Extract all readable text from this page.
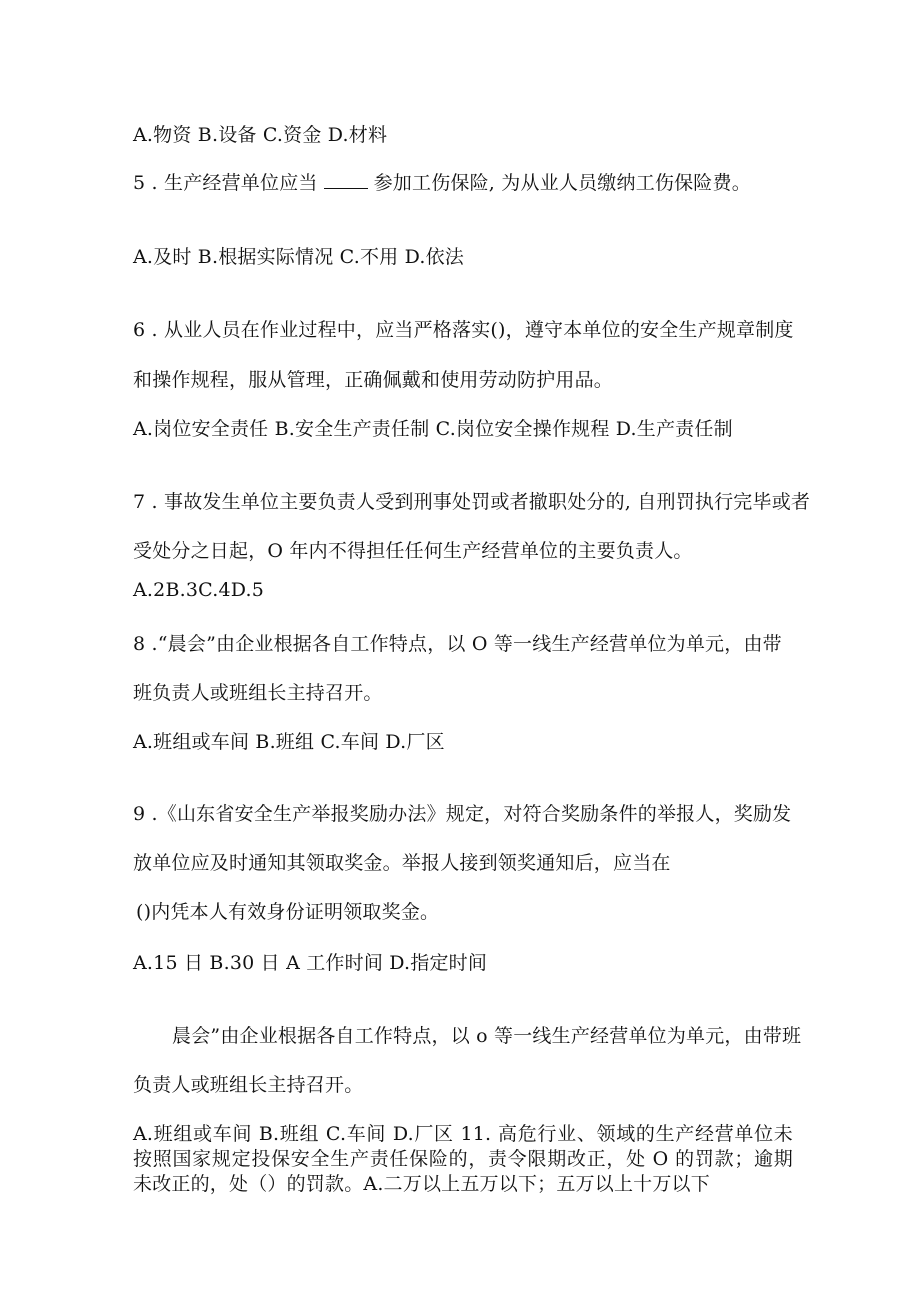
A.物资 B.设备 C.资金 D.材料
5 . 生产经营单位应当	参加工伤保险, 为从业人员缴纳工伤保险费。
A.及时 B.根据实际情况 C.不用 D.依法
6 . 从业人员在作业过程中，应当严格落实()，遵守本单位的安全生产规章制度
和操作规程，服从管理，正确佩戴和使用劳动防护用品。
A.岗位安全责任 B.安全生产责任制 C.岗位安全操作规程 D.生产责任制
7 . 事故发生单位主要负责人受到刑事处罚或者撤职处分的, 自刑罚执行完毕或者
受处分之日起，O 年内不得担任任何生产经营单位的主要负责人。
A.2B.3C.4D.5
8 .“晨会”由企业根据各自工作特点，以 O 等一线生产经营单位为单元，由带
班负责人或班组长主持召开。
A.班组或车间 B.班组 C.车间 D.厂区
9 .《山东省安全生产举报奖励办法》规定，对符合奖励条件的举报人，奖励发
放单位应及时通知其领取奖金。举报人接到领奖通知后，应当在
()内凭本人有效身份证明领取奖金。
A.15 日 B.30 日 A 工作时间 D.指定时间
晨会”由企业根据各自工作特点，以 o 等一线生产经营单位为单元，由带班
负责人或班组长主持召开。
A.班组或车间 B.班组 C.车间 D.厂区 11. 高危行业、领域的生产经营单位未按照国家规定投保安全生产责任保险的，责令限期改正，处 O 的罚款；逾期未改正的，处（）的罚款。A.二万以上五万以下；五万以上十万以下
